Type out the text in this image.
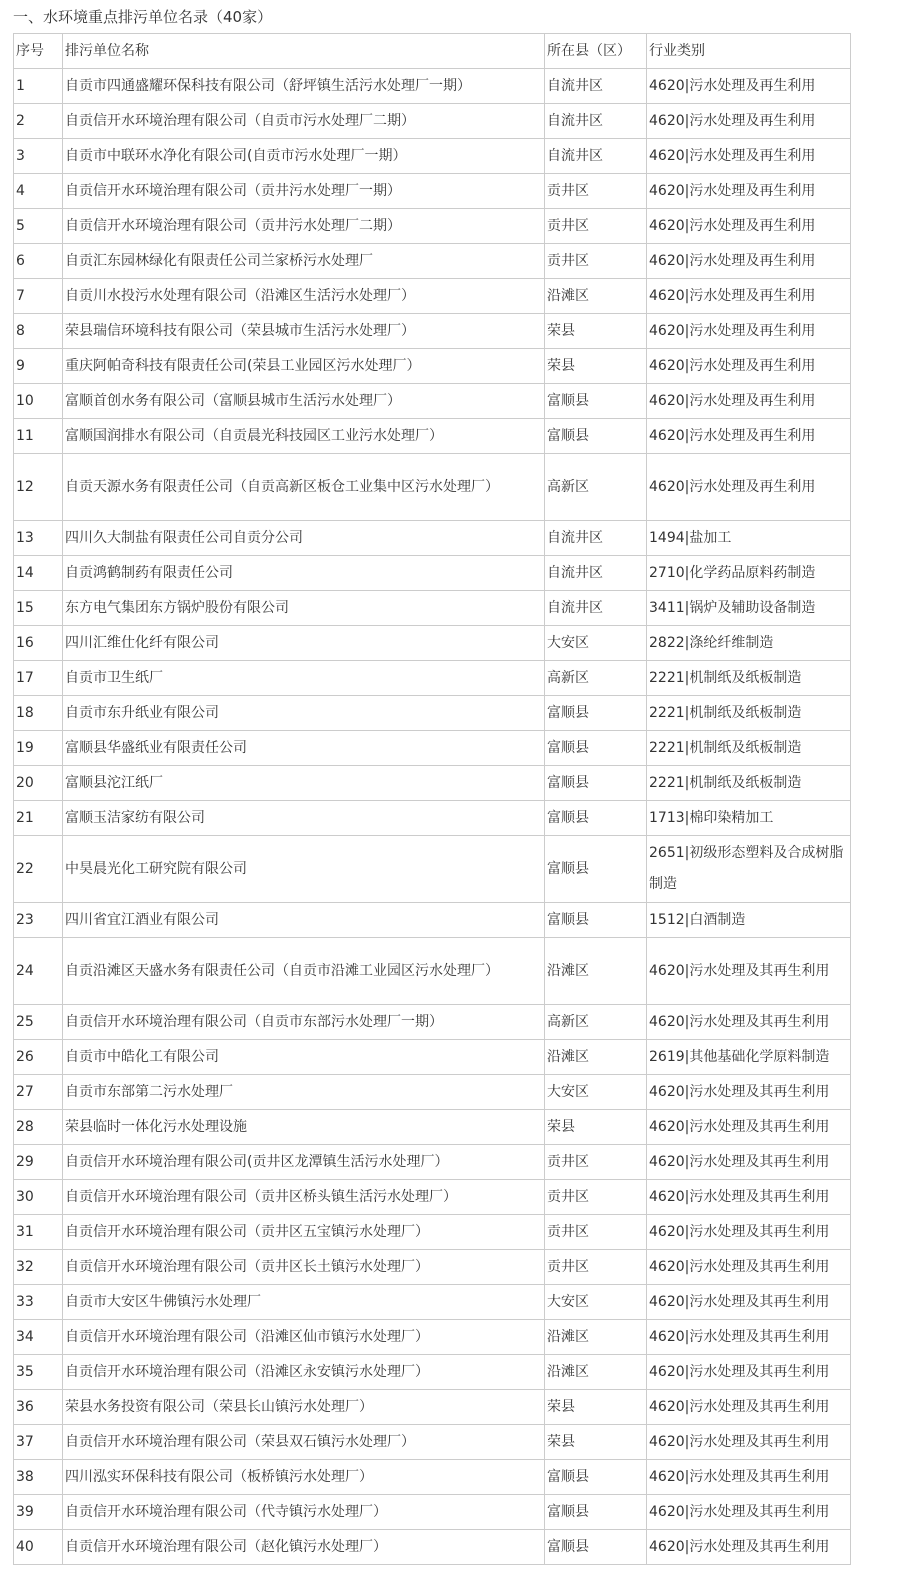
一、水环境重点排污单位名录（40家）
序号	排污单位名称	所在县（区）	行业类别
1	自贡市四通盛耀环保科技有限公司（舒坪镇生活污水处理厂一期）	自流井区	4620|污水处理及再生利用
2	自贡信开水环境治理有限公司（自贡市污水处理厂二期）	自流井区	4620|污水处理及再生利用
3	自贡市中联环水净化有限公司(自贡市污水处理厂一期）	自流井区	4620|污水处理及再生利用
4	自贡信开水环境治理有限公司（贡井污水处理厂一期）	贡井区	4620|污水处理及再生利用
5	自贡信开水环境治理有限公司（贡井污水处理厂二期）	贡井区	4620|污水处理及再生利用
6	自贡汇东园林绿化有限责任公司兰家桥污水处理厂	贡井区	4620|污水处理及再生利用
7	自贡川水投污水处理有限公司（沿滩区生活污水处理厂）	沿滩区	4620|污水处理及再生利用
8	荣县瑞信环境科技有限公司（荣县城市生活污水处理厂）	荣县	4620|污水处理及再生利用
9	重庆阿帕奇科技有限责任公司(荣县工业园区污水处理厂）	荣县	4620|污水处理及再生利用
10	富顺首创水务有限公司（富顺县城市生活污水处理厂）	富顺县	4620|污水处理及再生利用
11	富顺国润排水有限公司（自贡晨光科技园区工业污水处理厂）	富顺县	4620|污水处理及再生利用
12	自贡天源水务有限责任公司（自贡高新区板仓工业集中区污水处理厂）	高新区	4620|污水处理及再生利用
13	四川久大制盐有限责任公司自贡分公司	自流井区	1494|盐加工
14	自贡鸿鹤制药有限责任公司	自流井区	2710|化学药品原料药制造
15	东方电气集团东方锅炉股份有限公司	自流井区	3411|锅炉及辅助设备制造
16	四川汇维仕化纤有限公司	大安区	2822|涤纶纤维制造
17	自贡市卫生纸厂	高新区	2221|机制纸及纸板制造
18	自贡市东升纸业有限公司	富顺县	2221|机制纸及纸板制造
19	富顺县华盛纸业有限责任公司	富顺县	2221|机制纸及纸板制造
20	富顺县沱江纸厂	富顺县	2221|机制纸及纸板制造
21	富顺玉洁家纺有限公司	富顺县	1713|棉印染精加工
22	中昊晨光化工研究院有限公司	富顺县	2651|初级形态塑料及合成树脂制造
23	四川省宜江酒业有限公司	富顺县	1512|白酒制造
24	自贡沿滩区天盛水务有限责任公司（自贡市沿滩工业园区污水处理厂）	沿滩区	4620|污水处理及其再生利用
25	自贡信开水环境治理有限公司（自贡市东部污水处理厂一期）	高新区	4620|污水处理及其再生利用
26	自贡市中皓化工有限公司	沿滩区	2619|其他基础化学原料制造
27	自贡市东部第二污水处理厂	大安区	4620|污水处理及其再生利用
28	荣县临时一体化污水处理设施	荣县	4620|污水处理及其再生利用
29	自贡信开水环境治理有限公司(贡井区龙潭镇生活污水处理厂）	贡井区	4620|污水处理及其再生利用
30	自贡信开水环境治理有限公司（贡井区桥头镇生活污水处理厂）	贡井区	4620|污水处理及其再生利用
31	自贡信开水环境治理有限公司（贡井区五宝镇污水处理厂）	贡井区	4620|污水处理及其再生利用
32	自贡信开水环境治理有限公司（贡井区长土镇污水处理厂）	贡井区	4620|污水处理及其再生利用
33	自贡市大安区牛佛镇污水处理厂	大安区	4620|污水处理及其再生利用
34	自贡信开水环境治理有限公司（沿滩区仙市镇污水处理厂）	沿滩区	4620|污水处理及其再生利用
35	自贡信开水环境治理有限公司（沿滩区永安镇污水处理厂）	沿滩区	4620|污水处理及其再生利用
36	荣县水务投资有限公司（荣县长山镇污水处理厂）	荣县	4620|污水处理及其再生利用
37	自贡信开水环境治理有限公司（荣县双石镇污水处理厂）	荣县	4620|污水处理及其再生利用
38	四川泓实环保科技有限公司（板桥镇污水处理厂）	富顺县	4620|污水处理及其再生利用
39	自贡信开水环境治理有限公司（代寺镇污水处理厂）	富顺县	4620|污水处理及其再生利用
40	自贡信开水环境治理有限公司（赵化镇污水处理厂）	富顺县	4620|污水处理及其再生利用
